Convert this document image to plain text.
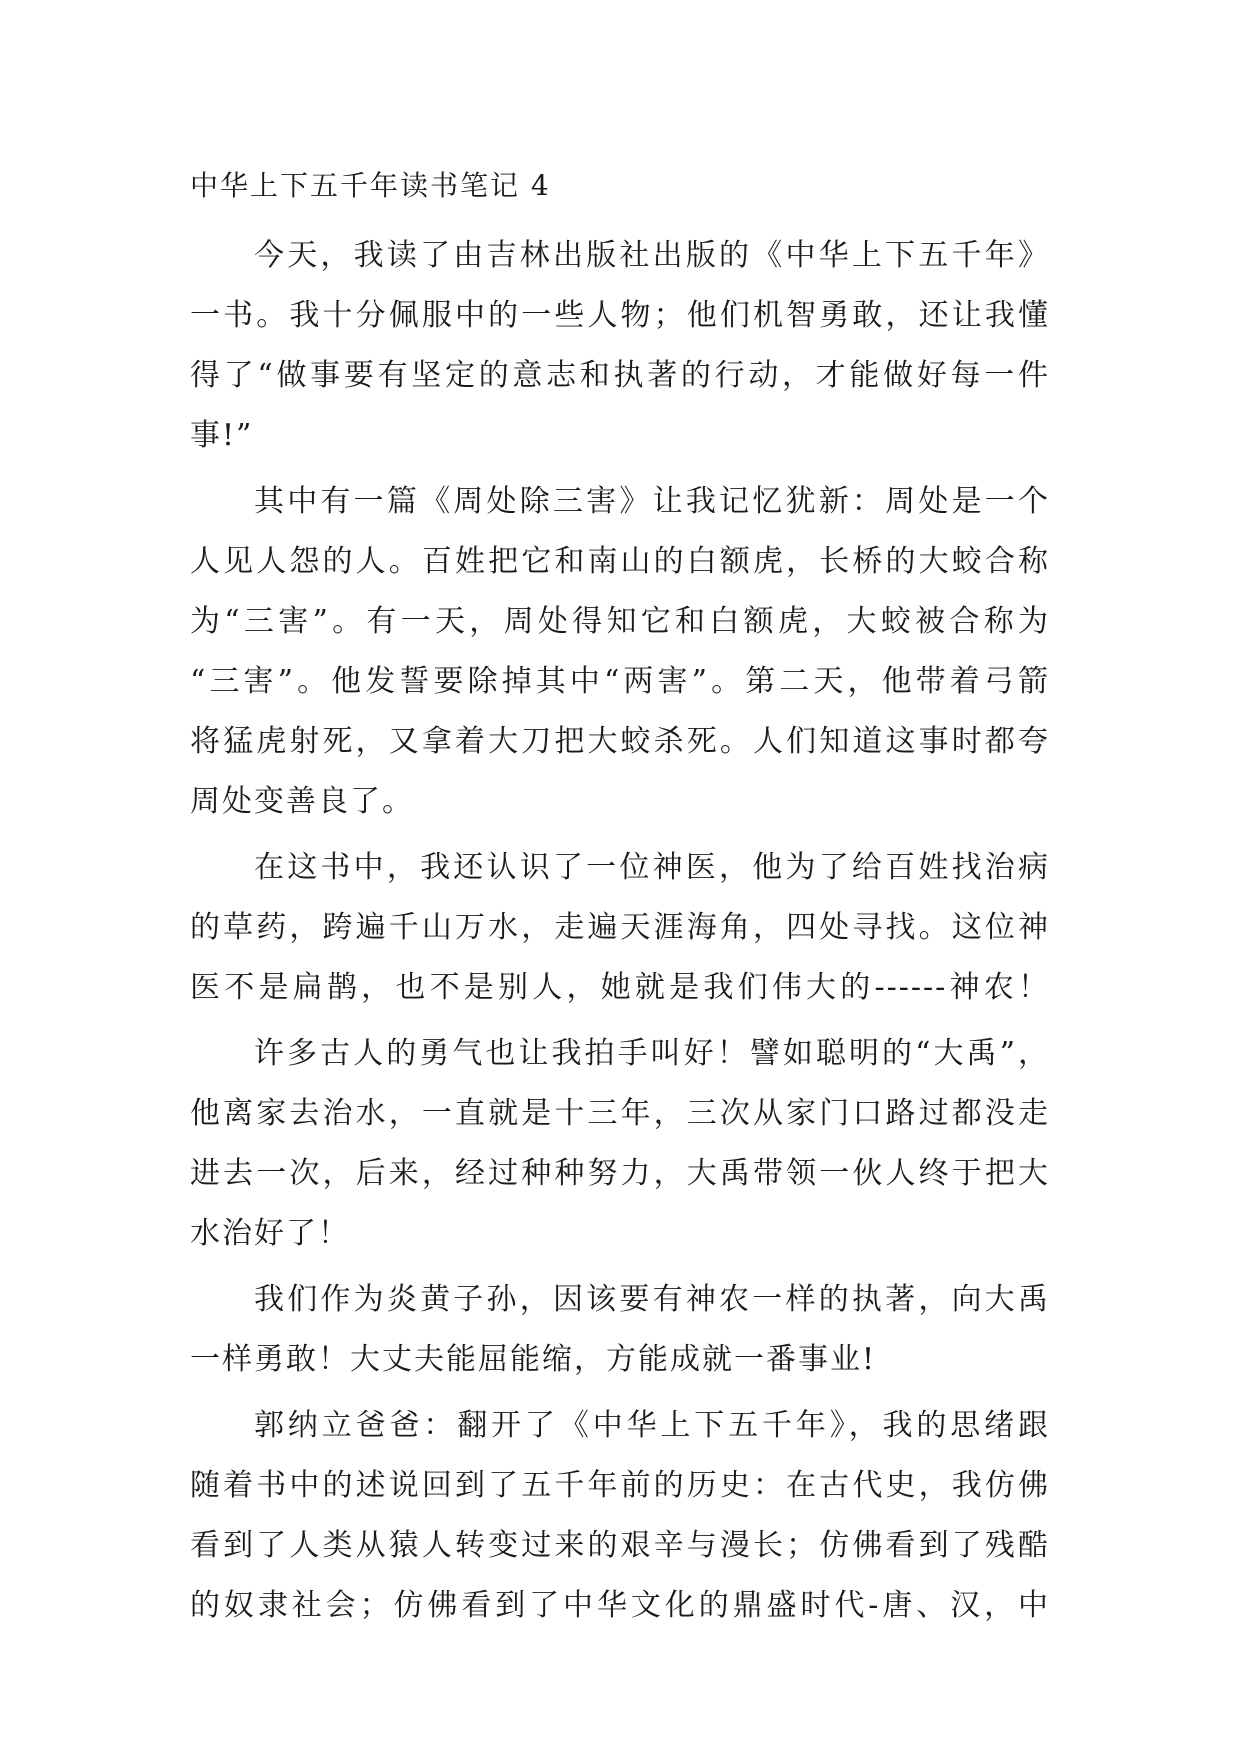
中华上下五千年读书笔记 4
今天，我读了由吉林出版社出版的《中华上下五千年》
一书。我十分佩服中的一些人物；他们机智勇敢，还让我懂
得了“做事要有坚定的意志和执著的行动，才能做好每一件
事!”
其中有一篇《周处除三害》让我记忆犹新：周处是一个
人见人怨的人。百姓把它和南山的白额虎，长桥的大蛟合称
为“三害”。有一天，周处得知它和白额虎，大蛟被合称为
“三害”。他发誓要除掉其中“两害”。第二天，他带着弓箭
将猛虎射死，又拿着大刀把大蛟杀死。人们知道这事时都夸
周处变善良了。
在这书中，我还认识了一位神医，他为了给百姓找治病
的草药，跨遍千山万水，走遍天涯海角，四处寻找。这位神
医不是扁鹊，也不是别人，她就是我们伟大的------神农！
许多古人的勇气也让我拍手叫好！譬如聪明的“大禹”，
他离家去治水，一直就是十三年，三次从家门口路过都没走
进去一次，后来，经过种种努力，大禹带领一伙人终于把大
水治好了！
我们作为炎黄子孙，因该要有神农一样的执著，向大禹
一样勇敢！大丈夫能屈能缩，方能成就一番事业!
郭纳立爸爸：翻开了《中华上下五千年》，我的思绪跟
随着书中的述说回到了五千年前的历史：在古代史，我仿佛
看到了人类从猿人转变过来的艰辛与漫长；仿佛看到了残酷
的奴隶社会；仿佛看到了中华文化的鼎盛时代-唐、汉，中
